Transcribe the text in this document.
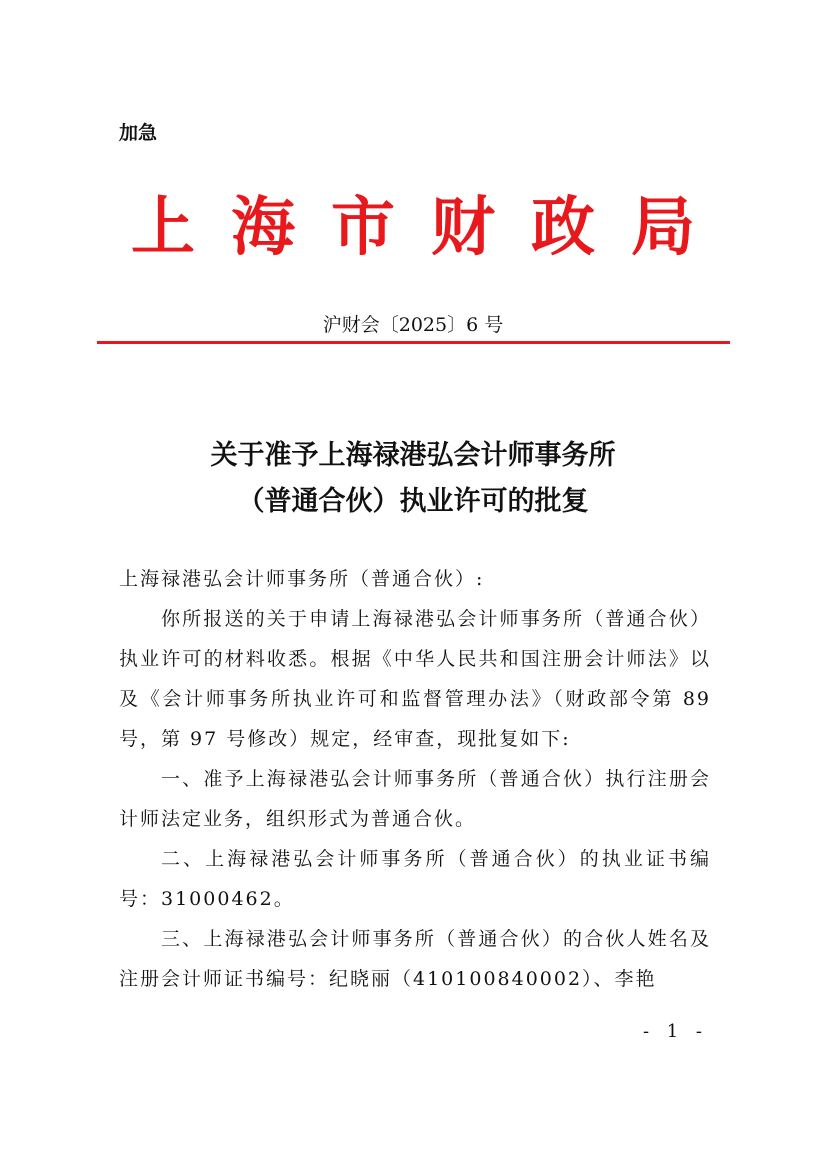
加急
上海市财政局
沪财会〔2025〕6 号
关于准予上海禄港弘会计师事务所
（普通合伙）执业许可的批复

上海禄港弘会计师事务所（普通合伙）:

你所报送的关于申请上海禄港弘会计师事务所（普通合伙）执业许可的材料收悉。根据《中华人民共和国注册会计师法》以及《会计师事务所执业许可和监督管理办法》（财政部令第 89 号，第 97 号修改）规定，经审查，现批复如下:

一、准予上海禄港弘会计师事务所（普通合伙）执行注册会计师法定业务，组织形式为普通合伙。

二、上海禄港弘会计师事务所（普通合伙）的执业证书编号：31000462。

三、上海禄港弘会计师事务所（普通合伙）的合伙人姓名及注册会计师证书编号：纪晓丽（410100840002）、李艳

- 1 -
